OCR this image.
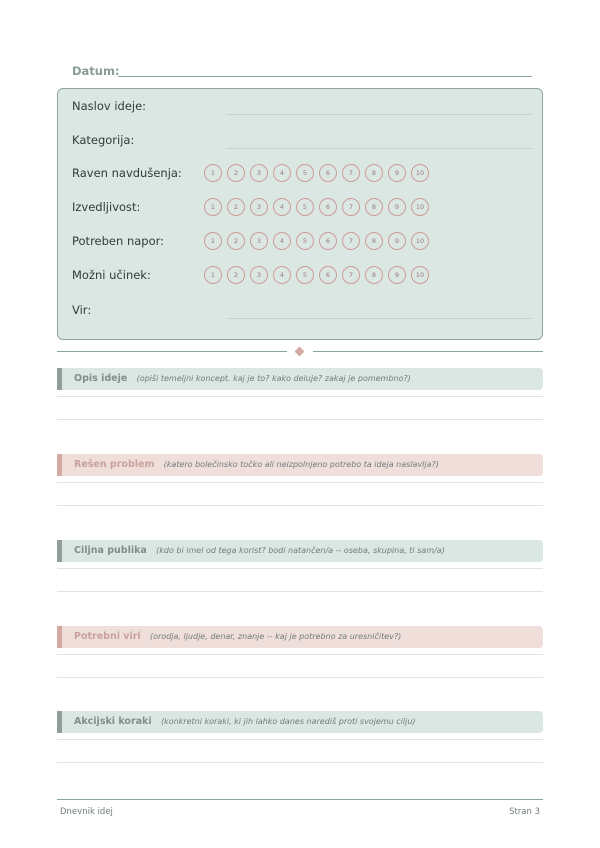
Datum:
Naslov ideje:
Kategorija:
Raven navdušenja:	1	2	3	4	5	6	7	8	9	10
Izvedljivost:	1	2	3	4	5	6	7	8	9	10
Potreben napor:	1	2	3	4	5	6	7	8	9	10
Možni učinek:	1	2	3	4	5	6	7	8	9	10
Vir:
Opis ideje (opiši temeljni koncept. kaj je to? kako deluje? zakaj je pomembno?)
Rešen problem (katero bolečinsko točko ali neizpolnjeno potrebo ta ideja naslavlja?)
Ciljna publika (kdo bi imel od tega korist? bodi natančen/a -- oseba, skupina, ti sam/a)
Potrebni viri (orodja, ljudje, denar, znanje -- kaj je potrebno za uresničitev?)
Akcijski koraki (konkretni koraki, ki jih lahko danes narediš proti svojemu cilju)
Dnevnik idej	Stran 3
